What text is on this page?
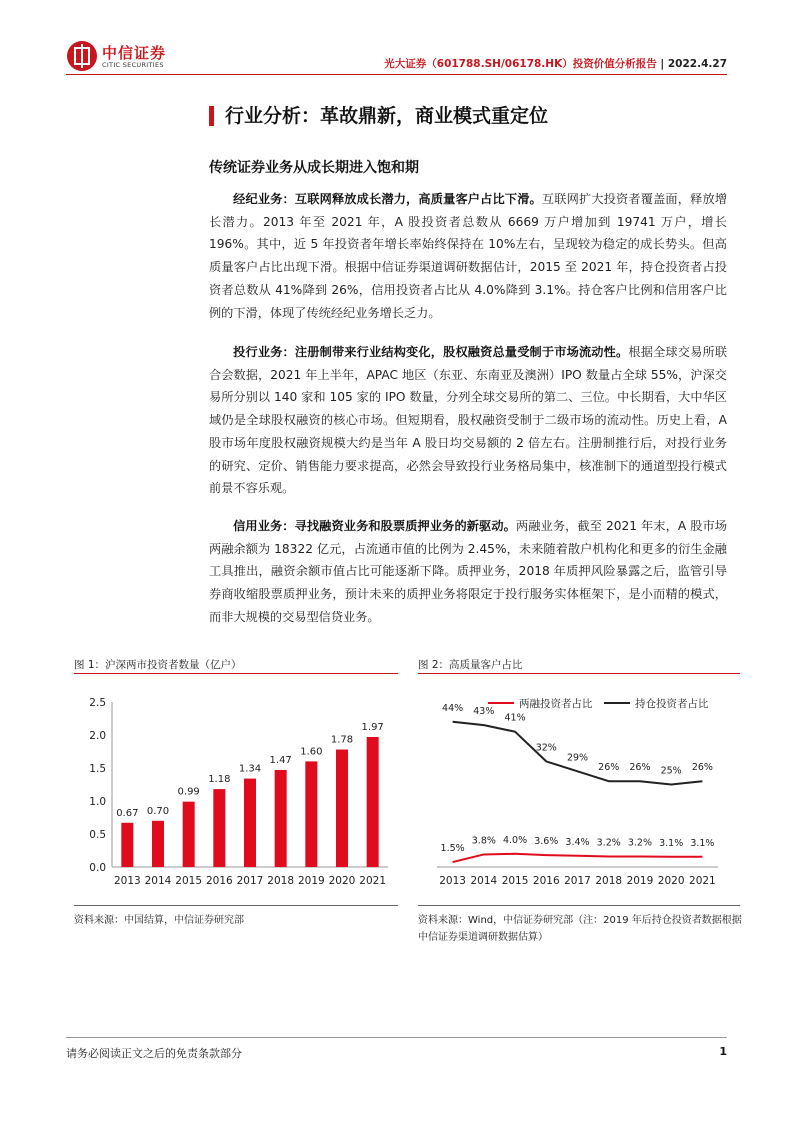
中信证券
CITIC SECURITIES	光大证券（601788.SH/06178.HK）投资价值分析报告 | 2022.4.27
行业分析：革故鼎新，商业模式重定位
传统证券业务从成长期进入饱和期
经纪业务：互联网释放成长潜力，高质量客户占比下滑。互联网扩大投资者覆盖面，释放增长潜力。2013 年至 2021 年，A 股投资者总数从 6669 万户增加到 19741 万户，增长 196%。其中，近 5 年投资者年增长率始终保持在 10%左右，呈现较为稳定的成长势头。但高质量客户占比出现下滑。根据中信证券渠道调研数据估计，2015 至 2021 年，持仓投资者占投资者总数从 41%降到 26%，信用投资者占比从 4.0%降到 3.1%。持仓客户比例和信用客户比例的下滑，体现了传统经纪业务增长乏力。
投行业务：注册制带来行业结构变化，股权融资总量受制于市场流动性。根据全球交易所联合会数据，2021 年上半年，APAC 地区（东亚、东南亚及澳洲）IPO 数量占全球 55%，沪深交易所分别以 140 家和 105 家的 IPO 数量，分列全球交易所的第二、三位。中长期看，大中华区域仍是全球股权融资的核心市场。但短期看，股权融资受制于二级市场的流动性。历史上看，A 股市场年度股权融资规模大约是当年 A 股日均交易额的 2 倍左右。注册制推行后，对投行业务的研究、定价、销售能力要求提高，必然会导致投行业务格局集中，核准制下的通道型投行模式前景不容乐观。
信用业务：寻找融资业务和股票质押业务的新驱动。两融业务，截至 2021 年末，A 股市场两融余额为 18322 亿元，占流通市值的比例为 2.45%，未来随着散户机构化和更多的衍生金融工具推出，融资余额市值占比可能逐渐下降。质押业务，2018 年质押风险暴露之后，监管引导券商收缩股票质押业务，预计未来的质押业务将限定于投行服务实体框架下，是小而精的模式，而非大规模的交易型信贷业务。
图 1：沪深两市投资者数量（亿户）
0.0
0.5
1.0
1.5
2.0
2.5
0.67
2013
0.70
2014
0.99
2015
1.18
2016
1.34
2017
1.47
2018
1.60
2019
1.78
2020
1.97
2021
资料来源：中国结算，中信证券研究部
图 2：高质量客户占比
2013 2014 2015 2016 2017 2018 2019 2020 2021
两融投资者占比
1.5%
3.8% 4.0% 3.6% 3.4% 3.2% 3.2% 3.1% 3.1%
持仓投资者占比
44% 43%
41%
32%
29%
26% 26% 25% 26%
资料来源：Wind，中信证券研究部（注：2019 年后持仓投资者数据根据中信证券渠道调研数据估算）
请务必阅读正文之后的免责条款部分	1
